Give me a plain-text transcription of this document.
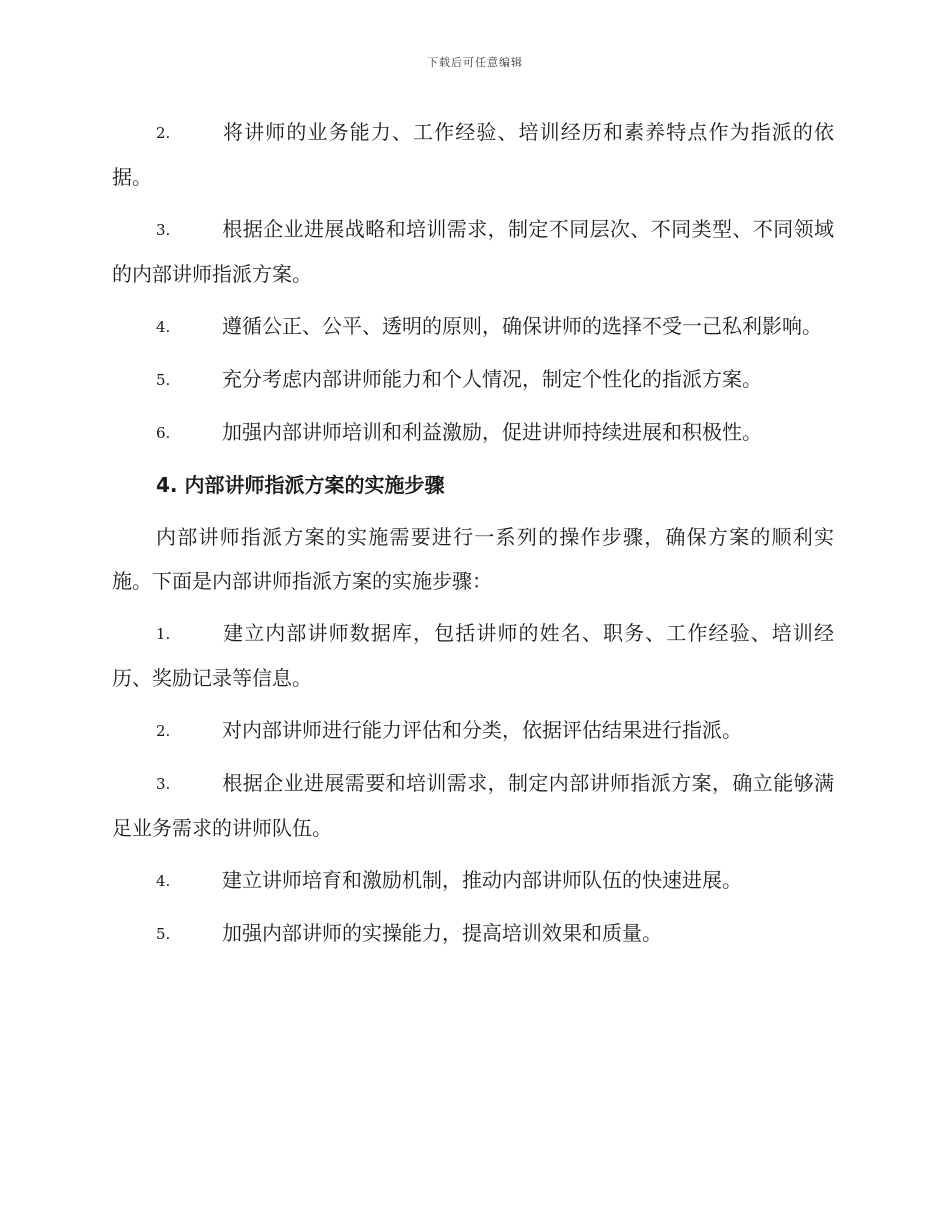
下载后可任意编辑
2.	将讲师的业务能力、工作经验、培训经历和素养特点作为指派的依据。
3.	根据企业进展战略和培训需求，制定不同层次、不同类型、不同领域的内部讲师指派方案。
4.	遵循公正、公平、透明的原则，确保讲师的选择不受一己私利影响。
5.	充分考虑内部讲师能力和个人情况，制定个性化的指派方案。
6.	加强内部讲师培训和利益激励，促进讲师持续进展和积极性。
4. 内部讲师指派方案的实施步骤
内部讲师指派方案的实施需要进行一系列的操作步骤，确保方案的顺利实施。下面是内部讲师指派方案的实施步骤：
1.	建立内部讲师数据库，包括讲师的姓名、职务、工作经验、培训经历、奖励记录等信息。
2.	对内部讲师进行能力评估和分类，依据评估结果进行指派。
3.	根据企业进展需要和培训需求，制定内部讲师指派方案，确立能够满足业务需求的讲师队伍。
4.	建立讲师培育和激励机制，推动内部讲师队伍的快速进展。
5.	加强内部讲师的实操能力，提高培训效果和质量。
